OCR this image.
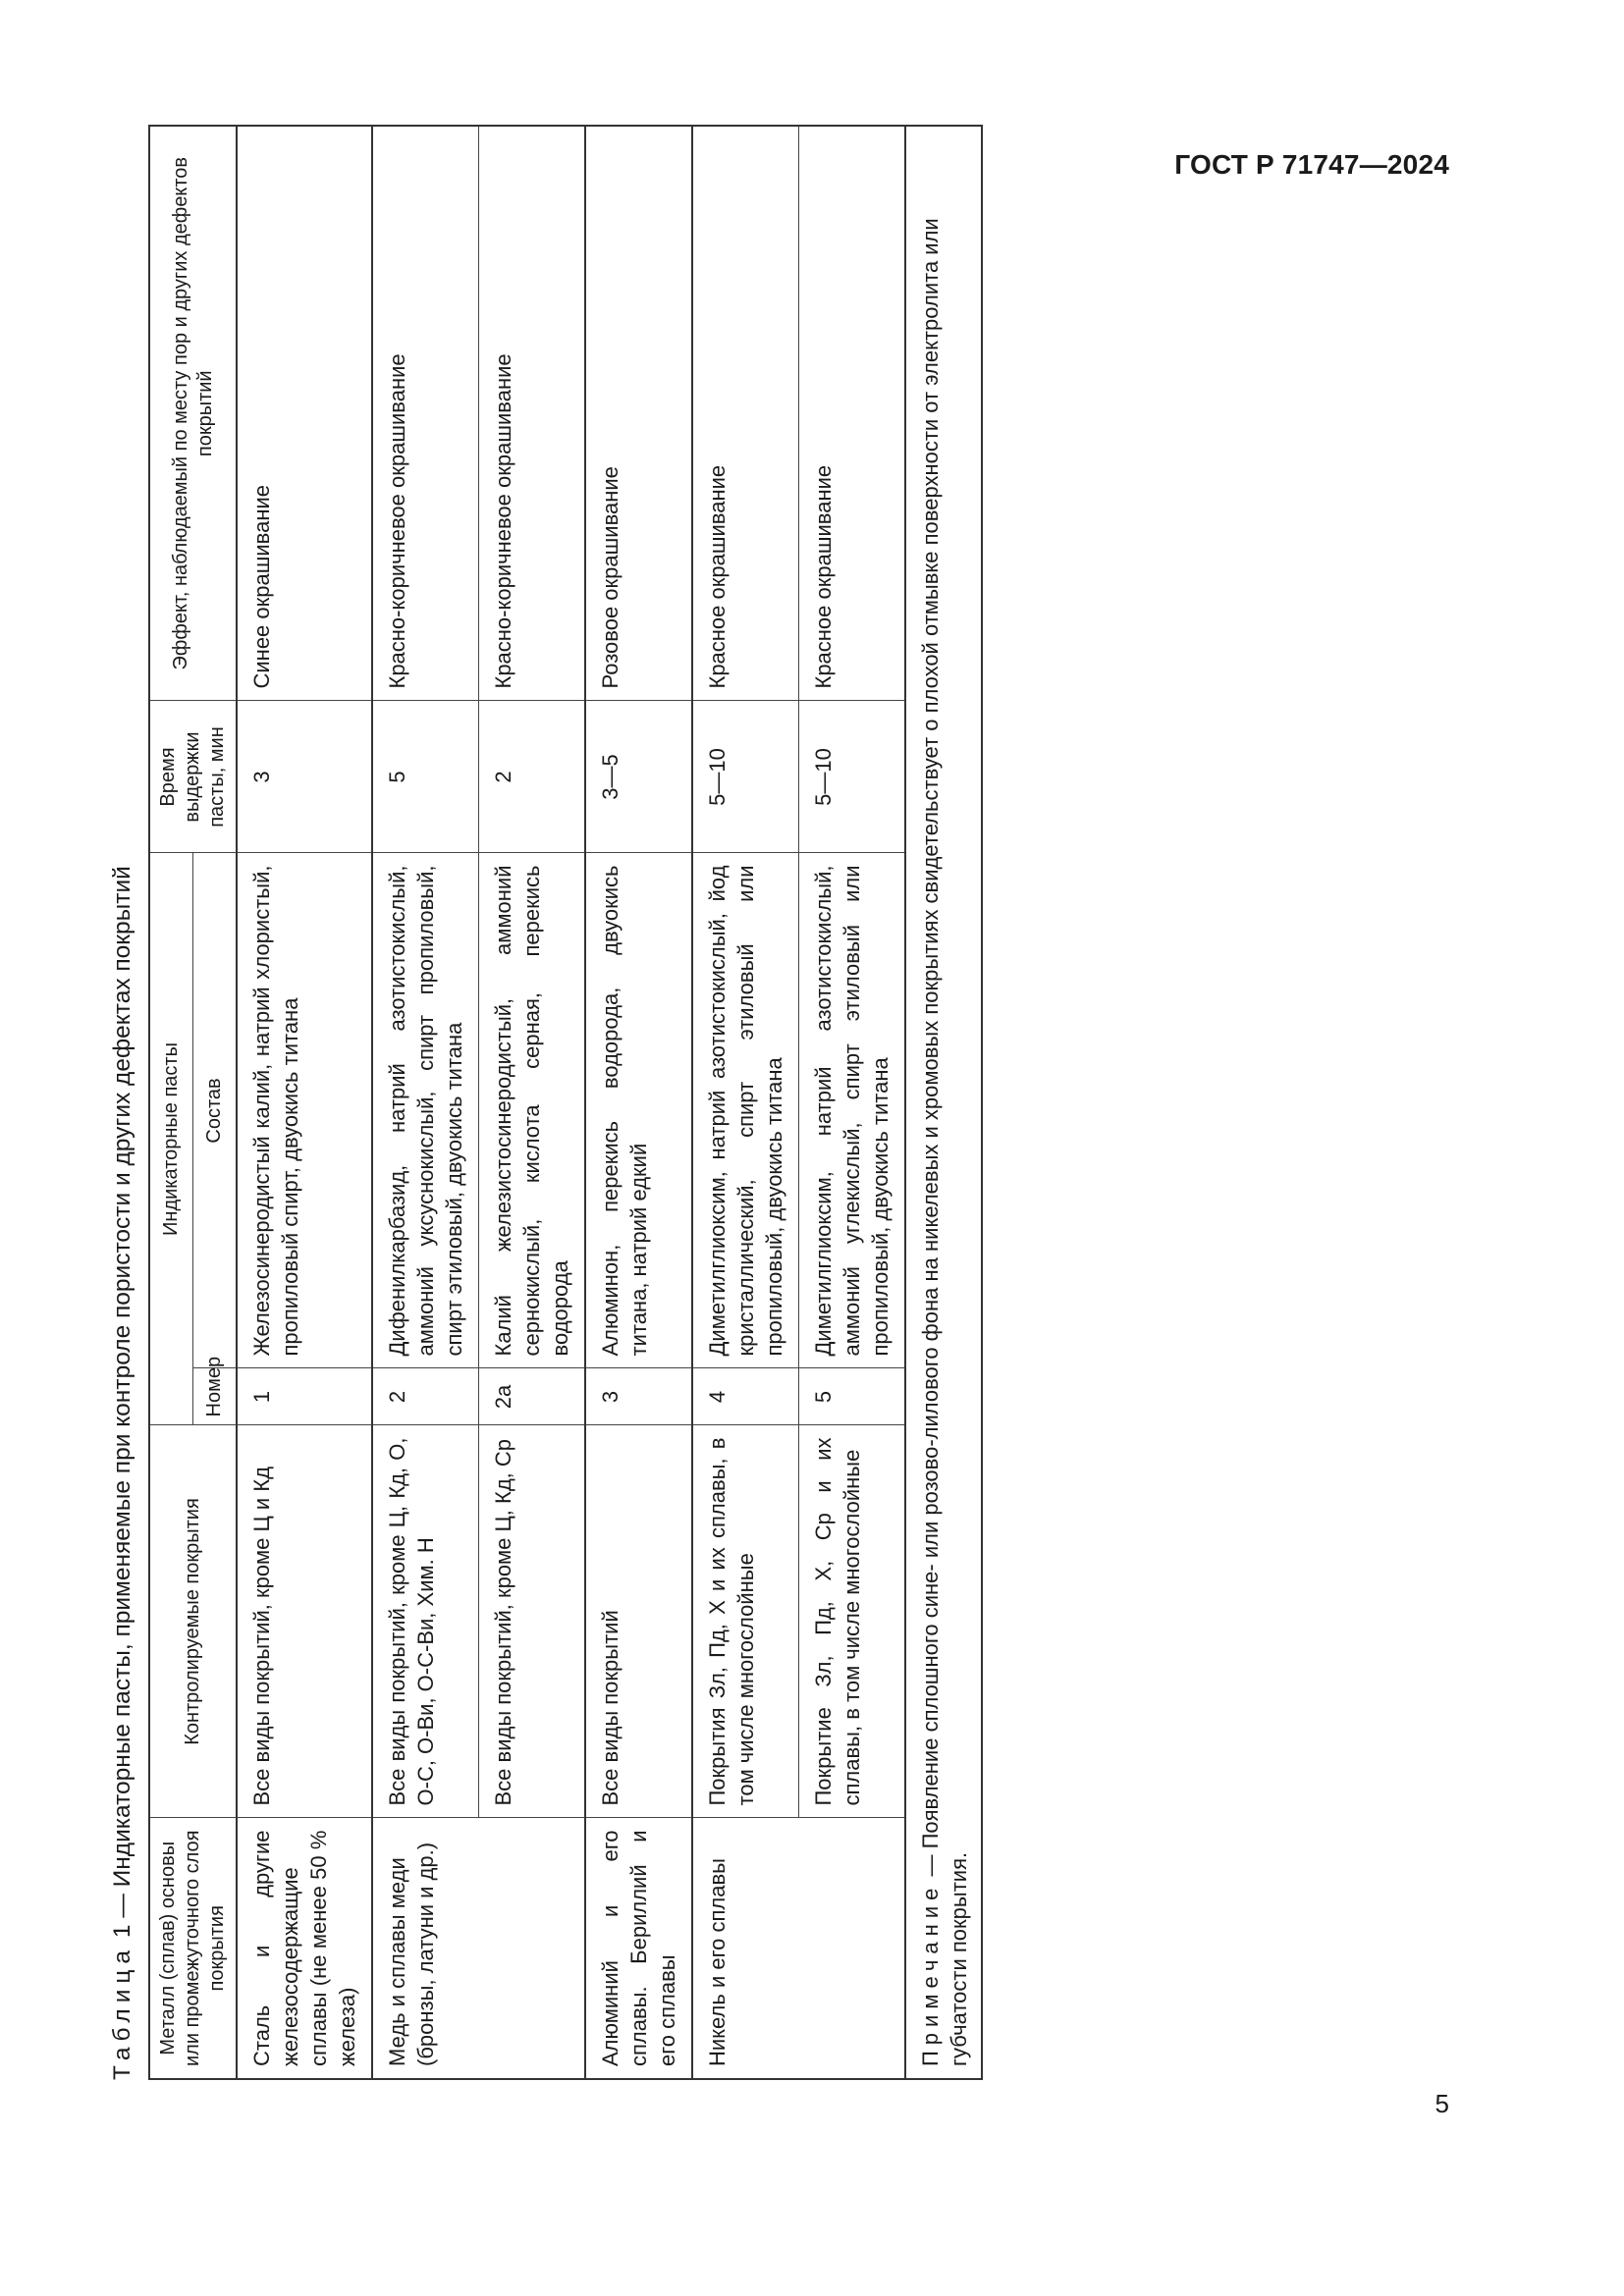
ГОСТ Р 71747—2024
Таблица 1 — Индикаторные пасты, применяемые при контроле пористости и других дефектах покрытий
Металл (сплав) основы или промежуточного слоя покрытия	Контролируемые покрытия	Индикаторные пасты		Время выдержки пасты, мин	Эффект, наблюдаемый по месту пор и других дефектов покрытий
		Номер	Состав		
Сталь и другие железосодержащие сплавы (не менее 50 % железа)	Все виды покрытий, кроме Ц и Кд	1	Железосинеродистый калий, натрий хлористый, пропиловый спирт, двуокись титана	3	Синее окрашивание
Медь и сплавы меди (бронзы, латуни и др.)	Все виды покрытий, кроме Ц, Кд, О, О-С, О-Ви, О-С-Ви, Хим. Н	2	Дифенилкарбазид, натрий азотистокислый, аммоний уксуснокислый, спирт пропиловый, спирт этиловый, двуокись титана	5	Красно-коричневое окрашивание
	Все виды покрытий, кроме Ц, Кд, Ср	2а	Калий железистосинеродистый, аммоний сернокислый, кислота серная, перекись водорода	2	Красно-коричневое окрашивание
Алюминий и его сплавы. Бериллий и его сплавы	Все виды покрытий	3	Алюминон, перекись водорода, двуокись титана, натрий едкий	3—5	Розовое окрашивание
Никель и его сплавы	Покрытия Зл, Пд, Х и их сплавы, в том числе многослойные	4	Диметилглиоксим, натрий азотистокислый, йод кристаллический, спирт этиловый или пропиловый, двуокись титана	5—10	Красное окрашивание
	Покрытие Зл, Пд, Х, Ср и их сплавы, в том числе многослойные	5	Диметилглиоксим, натрий азотистокислый, аммоний углекислый, спирт этиловый или пропиловый, двуокись титана	5—10	Красное окрашивание
Примечание — Появление сплошного сине- или розово-лилового фона на никелевых и хромовых покрытиях свидетельствует о плохой отмывке поверхности от электролита или губчатости покрытия.					
5
